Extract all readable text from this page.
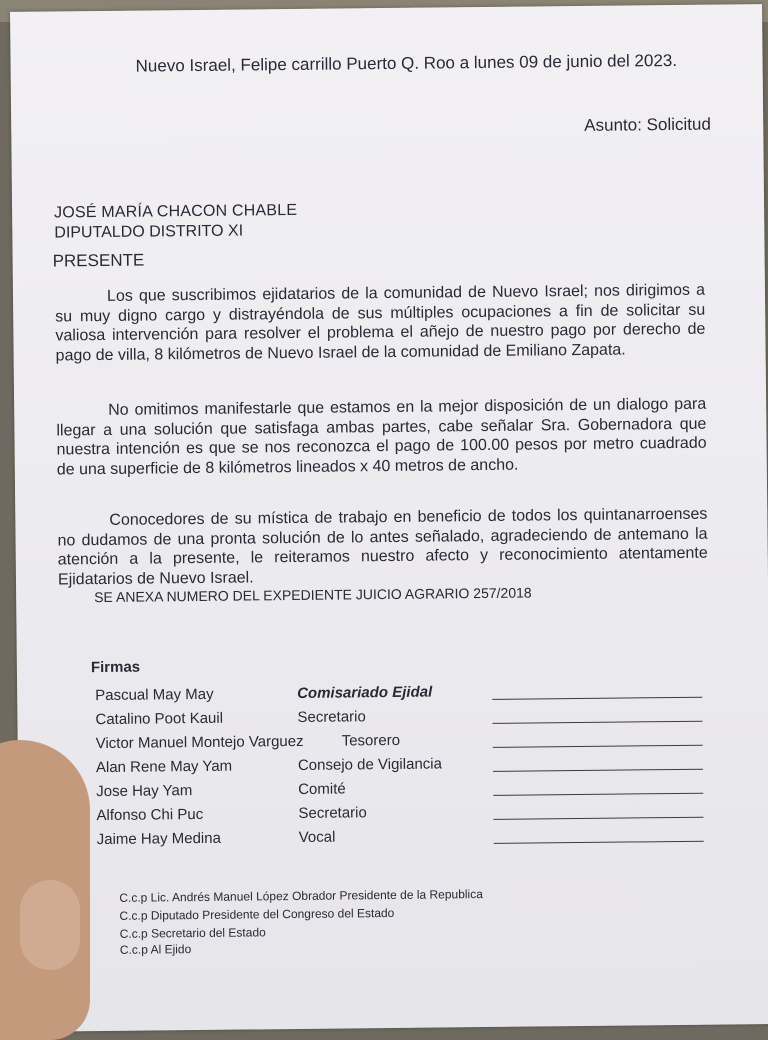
Nuevo Israel, Felipe carrillo Puerto Q. Roo a lunes 09 de junio del 2023.
Asunto: Solicitud
JOSÉ MARÍA CHACON CHABLE
DIPUTALDO DISTRITO XI
PRESENTE
Los que suscribimos ejidatarios de la comunidad de Nuevo Israel; nos dirigimos a su muy digno cargo y distrayéndola de sus múltiples ocupaciones a fin de solicitar su valiosa intervención para resolver el problema el añejo de nuestro pago por derecho de pago de villa, 8 kilómetros de Nuevo Israel de la comunidad de Emiliano Zapata.
No omitimos manifestarle que estamos en la mejor disposición de un dialogo para llegar a una solución que satisfaga ambas partes, cabe señalar Sra. Gobernadora que nuestra intención es que se nos reconozca el pago de 100.00 pesos por metro cuadrado de una superficie de 8 kilómetros lineados x 40 metros de ancho.
Conocedores de su mística de trabajo en beneficio de todos los quintanarroenses no dudamos de una pronta solución de lo antes señalado, agradeciendo de antemano la atención a la presente, le reiteramos nuestro afecto y reconocimiento atentamente Ejidatarios de Nuevo Israel.
SE ANEXA NUMERO DEL EXPEDIENTE JUICIO AGRARIO 257/2018
Firmas
Pascual May May	Comisariado Ejidal
Catalino Poot Kauil	Secretario
Victor Manuel Montejo Varguez	Tesorero
Alan Rene May Yam	Consejo de Vigilancia
Jose Hay Yam	Comité
Alfonso Chi Puc	Secretario
Jaime Hay Medina	Vocal
C.c.p Lic. Andrés Manuel López Obrador Presidente de la Republica
C.c.p Diputado Presidente del Congreso del Estado
C.c.p Secretario del Estado
C.c.p Al Ejido
